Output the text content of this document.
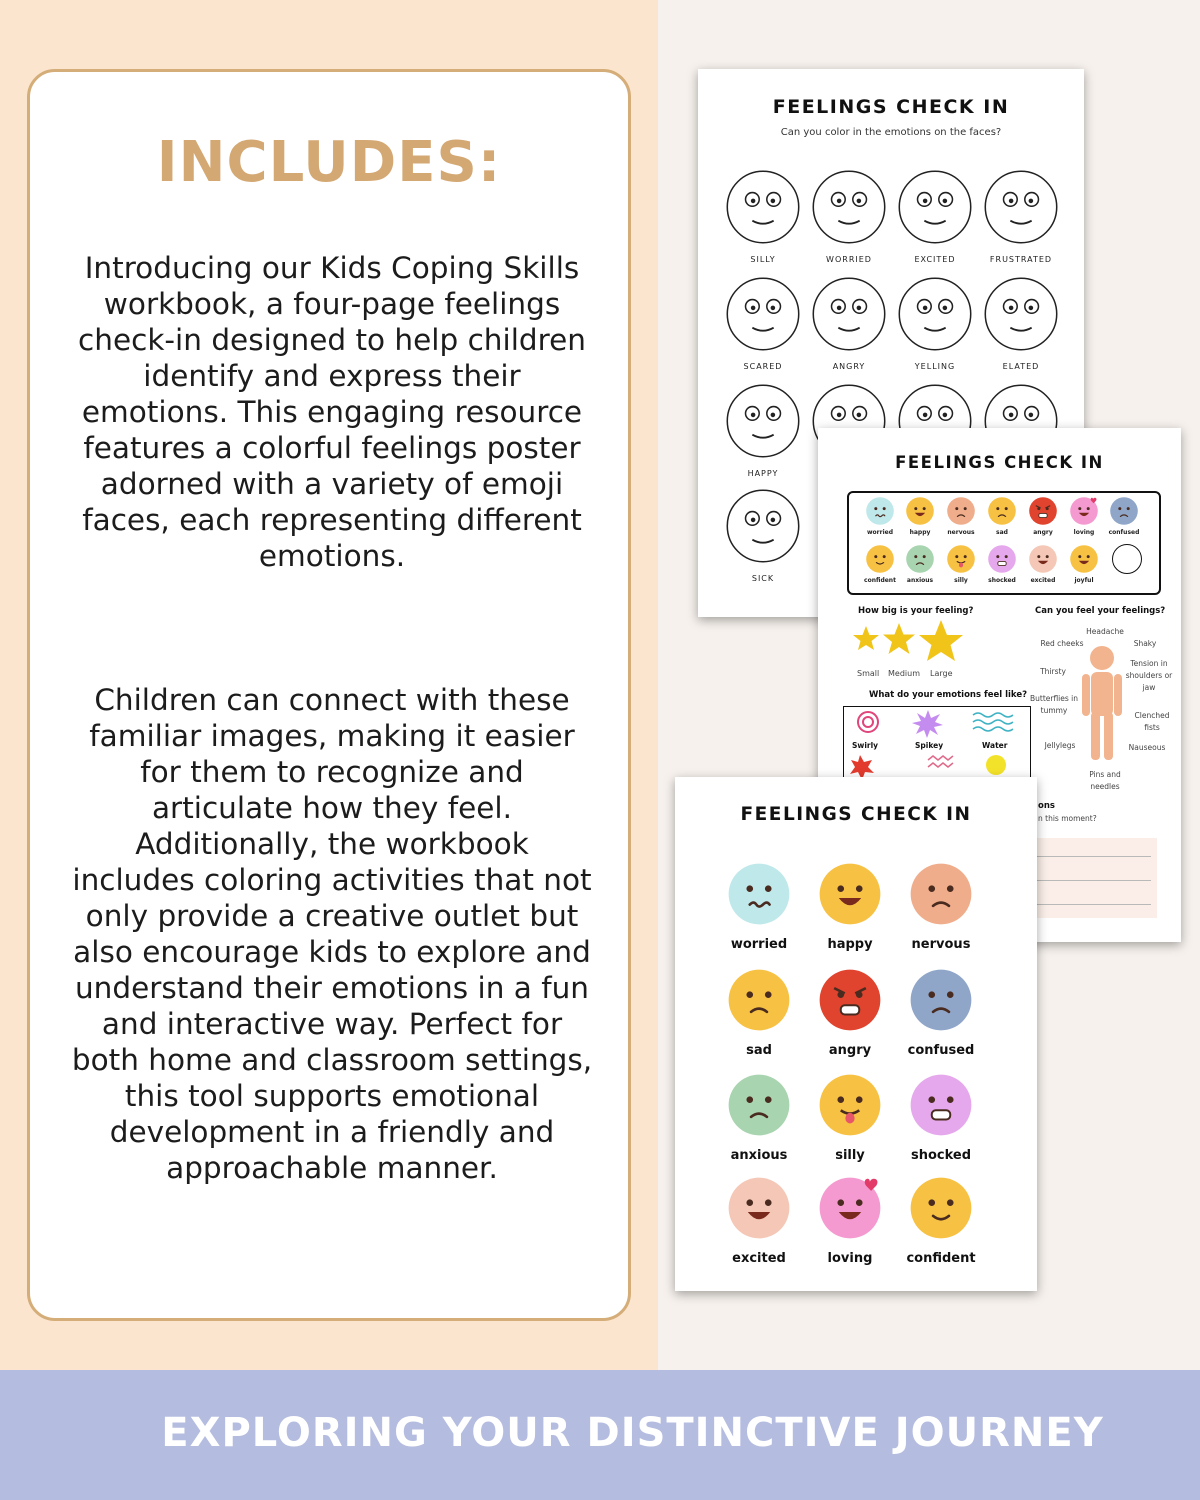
INCLUDES:

Introducing our Kids Coping Skills workbook, a four-page feelings check-in designed to help children identify and express their emotions. This engaging resource features a colorful feelings poster adorned with a variety of emoji faces, each representing different emotions.

Children can connect with these familiar images, making it easier for them to recognize and articulate how they feel. Additionally, the workbook includes coloring activities that not only provide a creative outlet but also encourage kids to explore and understand their emotions in a fun and interactive way. Perfect for both home and classroom settings, this tool supports emotional development in a friendly and approachable manner.

FEELINGS CHECK IN
Can you color in the emotions on the faces?
SILLY	WORRIED	EXCITED	FRUSTRATED
SCARED	ANGRY	YELLING	ELATED
HAPPY
SICK
FEELINGS CHECK IN
worried	happy	nervous	sad	angry	loving	confused
confident	anxious	silly	shocked	excited	joyful
How big is your feeling?
Small Medium Large
What do your emotions feel like?
Swirly	Spikey	Water
Can you feel your feelings?
Headache
Red cheeks	Shaky
Thirsty
Tension in shoulders or jaw
Butterflies in tummy
Clenched fists
Jellylegs	Nauseous
Pins and needles
ons
n this moment?
FEELINGS CHECK IN
worried	happy	nervous
sad	angry	confused
anxious	silly	shocked
excited	loving	confident
EXPLORING YOUR DISTINCTIVE JOURNEY
